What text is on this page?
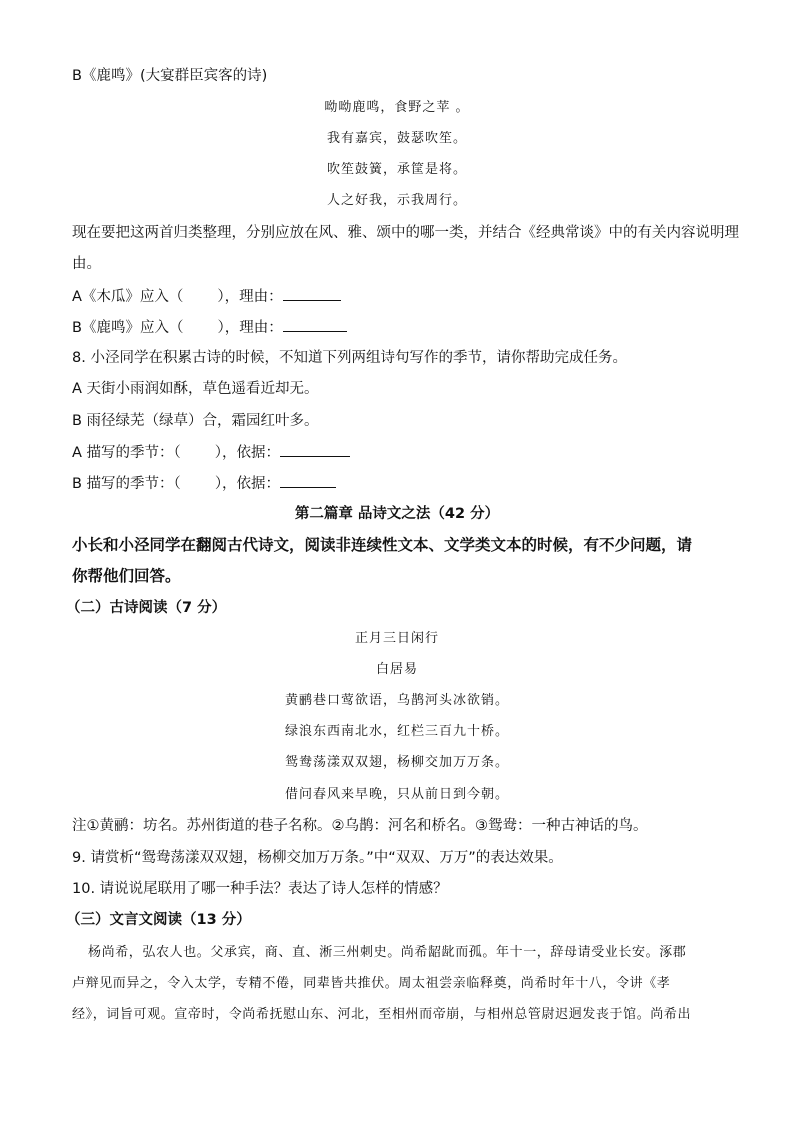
B《鹿鸣》(大宴群臣宾客的诗)
呦呦鹿鸣，食野之苹 。
我有嘉宾，鼓瑟吹笙。
吹笙鼓簧，承筐是将。
人之好我，示我周行。
现在要把这两首归类整理，分别应放在风、雅、颂中的哪一类，并结合《经典常谈》中的有关内容说明理
由。
A《木瓜》应入（ ），理由：
B《鹿鸣》应入（ ），理由：
8. 小泾同学在积累古诗的时候，不知道下列两组诗句写作的季节，请你帮助完成任务。
A 天街小雨润如酥，草色遥看近却无。
B 雨径绿芜（绿草）合，霜园红叶多。
A 描写的季节：（ ），依据：
B 描写的季节：（ ），依据：
第二篇章 品诗文之法（42 分）
小长和小泾同学在翻阅古代诗文，阅读非连续性文本、文学类文本的时候，有不少问题，请
你帮他们回答。
（二）古诗阅读（7 分）
正月三日闲行
白居易
黄鹂巷口莺欲语，乌鹊河头冰欲销。
绿浪东西南北水，红栏三百九十桥。
鸳鸯荡漾双双翅，杨柳交加万万条。
借问春风来早晚，只从前日到今朝。
注①黄鹂：坊名。苏州街道的巷子名称。②乌鹊：河名和桥名。③鸳鸯：一种古神话的鸟。
9. 请赏析“鸳鸯荡漾双双翅，杨柳交加万万条。”中“双双、万万”的表达效果。
10. 请说说尾联用了哪一种手法？表达了诗人怎样的情感？
（三）文言文阅读（13 分）
杨尚希，弘农人也。父承宾，商、直、淅三州刺史。尚希龆龀而孤。年十一，辞母请受业长安。涿郡
卢辩见而异之，令入太学，专精不倦，同辈皆共推伏。周太祖尝亲临释奠，尚希时年十八，令讲《孝
经》，词旨可观。宣帝时，令尚希抚慰山东、河北，至相州而帝崩，与相州总管尉迟迥发丧于馆。尚希出
